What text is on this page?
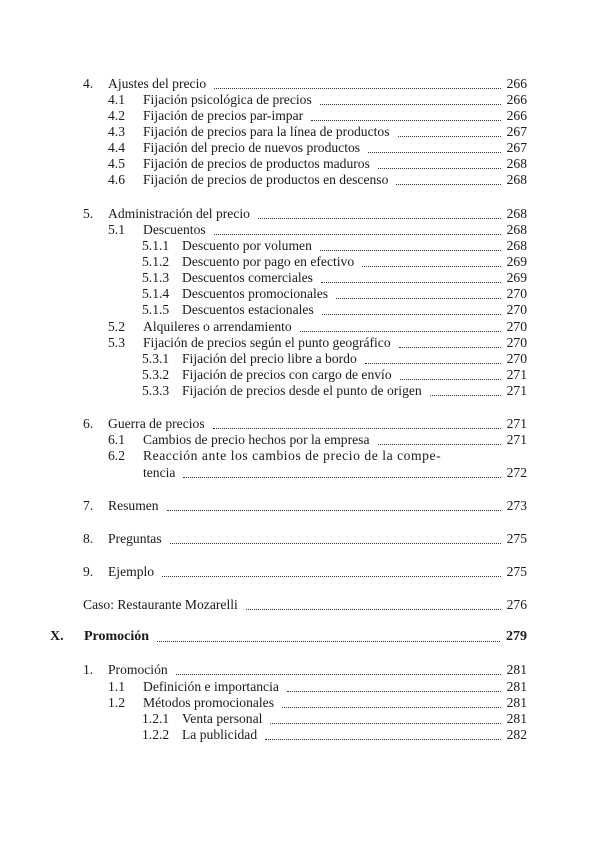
4.	Ajustes del precio	266
4.1	Fijación psicológica de precios	266
4.2	Fijación de precios par-impar	266
4.3	Fijación de precios para la línea de productos	267
4.4	Fijación del precio de nuevos productos	267
4.5	Fijación de precios de productos maduros	268
4.6	Fijación de precios de productos en descenso	268
5.	Administración del precio	268
5.1	Descuentos	268
5.1.1 Descuento por volumen	268
5.1.2 Descuento por pago en efectivo	269
5.1.3 Descuentos comerciales	269
5.1.4 Descuentos promocionales	270
5.1.5 Descuentos estacionales	270
5.2	Alquileres o arrendamiento	270
5.3	Fijación de precios según el punto geográfico	270
5.3.1 Fijación del precio libre a bordo	270
5.3.2 Fijación de precios con cargo de envío	271
5.3.3 Fijación de precios desde el punto de origen	271
6.	Guerra de precios	271
6.1	Cambios de precio hechos por la empresa	271
6.2	Reacción ante los cambios de precio de la compe-
tencia	272
7.	Resumen	273
8.	Preguntas	275
9.	Ejemplo	275
Caso: Restaurante Mozarelli	276
X.	Promoción	279
1.	Promoción	281
1.1	Definición e importancia	281
1.2	Métodos promocionales	281
1.2.1 Venta personal	281
1.2.2 La publicidad	282
